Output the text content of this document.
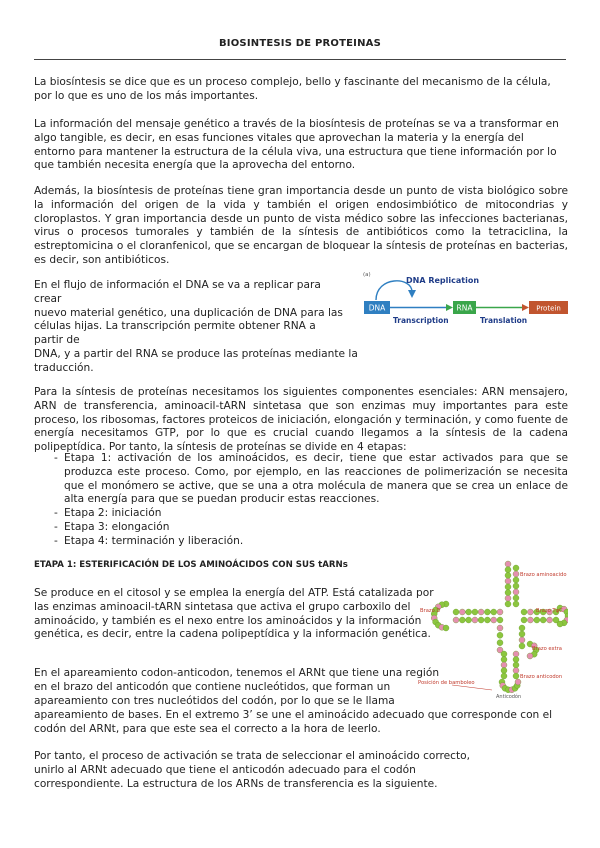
BIOSINTESIS DE PROTEINAS

La biosíntesis se dice que es un proceso complejo, bello y fascinante del mecanismo de la célula, por lo que es uno de los más importantes.

La información del mensaje genético a través de la biosíntesis de proteínas se va a transformar en algo tangible, es decir, en esas funciones vitales que aprovechan la materia y la energía del entorno para mantener la estructura de la célula viva, una estructura que tiene información por lo que también necesita energía que la aprovecha del entorno.

Además, la biosíntesis de proteínas tiene gran importancia desde un punto de vista biológico sobre la información del origen de la vida y también el origen endosimbiótico de mitocondrias y cloroplastos. Y gran importancia desde un punto de vista médico sobre las infecciones bacterianas, virus o procesos tumorales y también de la síntesis de antibióticos como la tetraciclina, la estreptomicina o el cloranfenicol, que se encargan de bloquear la síntesis de proteínas en bacterias, es decir, son antibióticos.

En el flujo de información el DNA se va a replicar para
crear
nuevo material genético, una duplicación de DNA para las
células hijas. La transcripción permite obtener RNA a
partir de
DNA, y a partir del RNA se produce las proteínas mediante la
traducción.
(a)
DNA Replication
DNA
Transcription
RNA
Translation
Protein

Para la síntesis de proteínas necesitamos los siguientes componentes esenciales: ARN mensajero, ARN de transferencia, aminoacil-tARN sintetasa que son enzimas muy importantes para este proceso, los ribosomas, factores proteicos de iniciación, elongación y terminación, y como fuente de energía necesitamos GTP, por lo que es crucial cuando llegamos a la síntesis de la cadena polipeptídica. Por tanto, la síntesis de proteínas se divide en 4 etapas:

- Etapa 1: activación de los aminoácidos, es decir, tiene que estar activados para que se produzca este proceso. Como, por ejemplo, en las reacciones de polimerización se necesita que el monómero se active, que se una a otra molécula de manera que se crea un enlace de alta energía para que se puedan producir estas reacciones.
- Etapa 2: iniciación
- Etapa 3: elongación
- Etapa 4: terminación y liberación.

ETAPA 1: ESTERIFICACIÓN DE LOS AMINOÁCIDOS CON SUS tARNs

Se produce en el citosol y se emplea la energía del ATP. Está catalizada por las enzimas aminoacil-tARN sintetasa que activa el grupo carboxilo del aminoácido, y también es el nexo entre los aminoácidos y la información genética, es decir, entre la cadena polipeptídica y la información genética.

En el apareamiento codon-anticodon, tenemos el ARNt que tiene una región en el brazo del anticodón que contiene nucleótidos, que forman un apareamiento con tres nucleótidos del codón, por lo que se le llama

apareamiento de bases. En el extremo 3’ se une el aminoácido adecuado que corresponde con el codón del ARNt, para que este sea el correcto a la hora de leerlo.

Por tanto, el proceso de activación se trata de seleccionar el aminoácido correcto, unirlo al ARNt adecuado que tiene el anticodón adecuado para el codón correspondiente. La estructura de los ARNs de transferencia es la siguiente.

Brazo aminoacido
Brazo D	Brazo TψC
Brazo extra
Brazo anticodon
Posición de bamboleo
Anticodón
